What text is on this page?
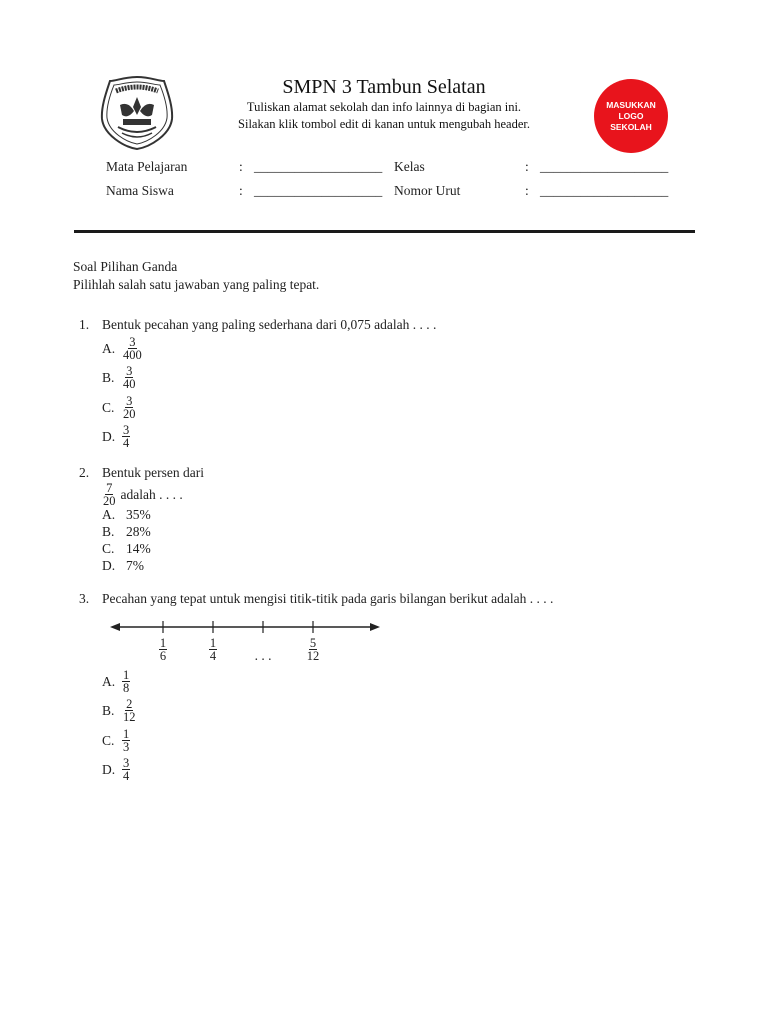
SMPN 3 Tambun Selatan
Tuliskan alamat sekolah dan info lainnya di bagian ini.
Silakan klik tombol edit di kanan untuk mengubah header.
MASUKKAN
LOGO
SEKOLAH
Mata Pelajaran	: ___________________ Kelas	: ___________________
Nama Siswa	: ___________________ Nomor Urut	: ___________________
Soal Pilihan Ganda
Pilihlah salah satu jawaban yang paling tepat.
1. Bentuk pecahan yang paling sederhana dari 0,075 adalah . . . .
A. $\frac{3}{400}$
B. $\frac{3}{40}$
C. $\frac{3}{20}$
D. $\frac{3}{4}$
2. Bentuk persen dari
$\frac{7}{20}$ adalah . . . .
A. 35%
B. 28%
C. 14%
D. 7%
3. Pecahan yang tepat untuk mengisi titik-titik pada garis bilangan berikut adalah . . . .
$\frac{1}{6}$	$\frac{1}{4}$	. . .	$\frac{5}{12}$
A. $\frac{1}{8}$
B. $\frac{2}{12}$
C. $\frac{1}{3}$
D. $\frac{3}{4}$
